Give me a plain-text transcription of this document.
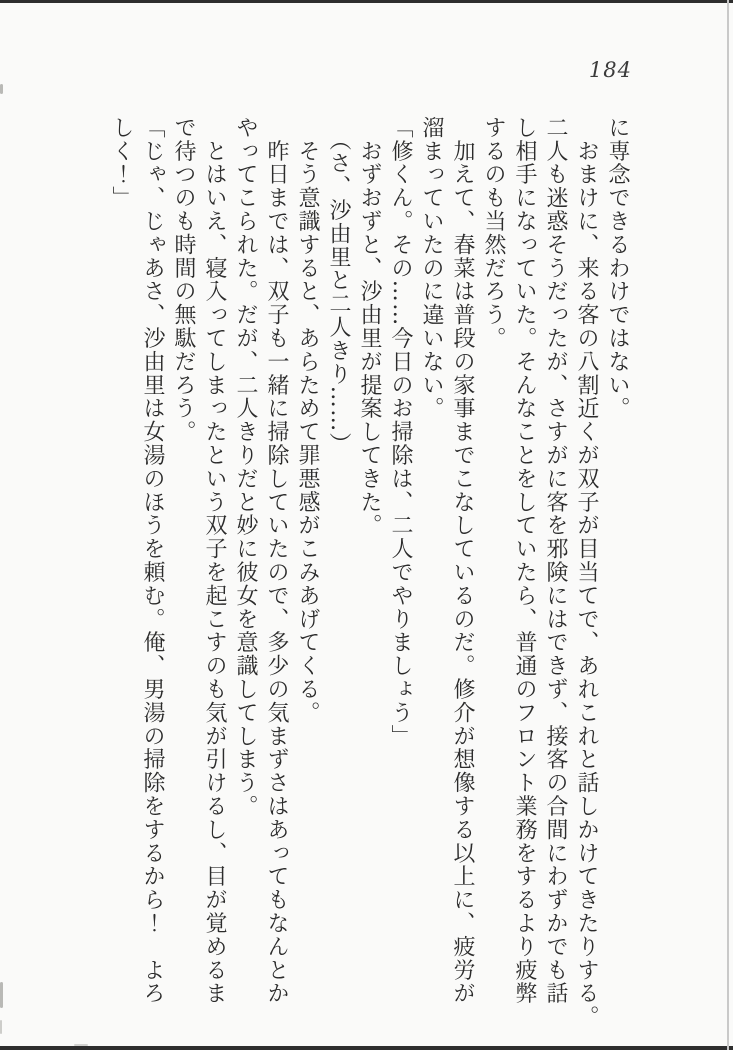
184
に専念できるわけではない。
　おまけに、来る客の八割近くが双子が目当てで、あれこれと話しかけてきたりする。
二人も迷惑そうだったが、さすがに客を邪険にはできず、接客の合間にわずかでも話
し相手になっていた。そんなことをしていたら、普通のフロント業務をするより疲弊
するのも当然だろう。
　加えて、春菜は普段の家事までこなしているのだ。修介が想像する以上に、疲労が
溜まっていたのに違いない。
「修くん。その……今日のお掃除は、二人でやりましょう」
　おずおずと、沙由里が提案してきた。
　（さ、沙由里と二人きり……）
　そう意識すると、あらためて罪悪感がこみあげてくる。
　昨日までは、双子も一緒に掃除していたので、多少の気まずさはあってもなんとか
やってこられた。だが、二人きりだと妙に彼女を意識してしまう。
　とはいえ、寝入ってしまったという双子を起こすのも気が引けるし、目が覚めるま
で待つのも時間の無駄だろう。
「じゃ、じゃあさ、沙由里は女湯のほうを頼む。俺、男湯の掃除をするから！　よろ
しく！」
